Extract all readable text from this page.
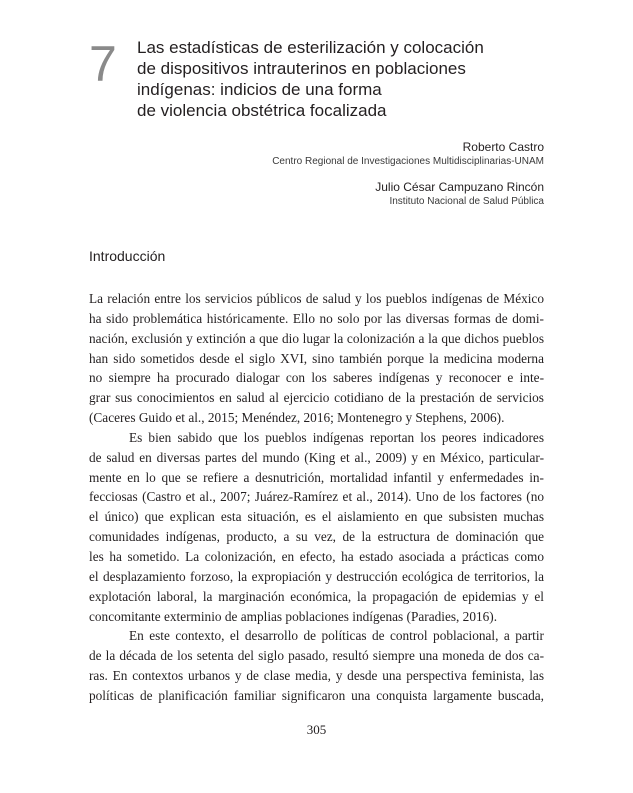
7 Las estadísticas de esterilización y colocación
de dispositivos intrauterinos en poblaciones
indígenas: indicios de una forma
de violencia obstétrica focalizada
Roberto Castro
Centro Regional de Investigaciones Multidisciplinarias-UNAM
Julio César Campuzano Rincón
Instituto Nacional de Salud Pública
Introducción

La relación entre los servicios públicos de salud y los pueblos indígenas de México
ha sido problemática históricamente. Ello no solo por las diversas formas de domi-
nación, exclusión y extinción a que dio lugar la colonización a la que dichos pueblos
han sido sometidos desde el siglo XVI, sino también porque la medicina moderna
no siempre ha procurado dialogar con los saberes indígenas y reconocer e inte-
grar sus conocimientos en salud al ejercicio cotidiano de la prestación de servicios
(Caceres Guido et al., 2015; Menéndez, 2016; Montenegro y Stephens, 2006).

Es bien sabido que los pueblos indígenas reportan los peores indicadores
de salud en diversas partes del mundo (King et al., 2009) y en México, particular-
mente en lo que se refiere a desnutrición, mortalidad infantil y enfermedades in-
fecciosas (Castro et al., 2007; Juárez-Ramírez et al., 2014). Uno de los factores (no
el único) que explican esta situación, es el aislamiento en que subsisten muchas
comunidades indígenas, producto, a su vez, de la estructura de dominación que
les ha sometido. La colonización, en efecto, ha estado asociada a prácticas como
el desplazamiento forzoso, la expropiación y destrucción ecológica de territorios, la
explotación laboral, la marginación económica, la propagación de epidemias y el
concomitante exterminio de amplias poblaciones indígenas (Paradies, 2016).

En este contexto, el desarrollo de políticas de control poblacional, a partir
de la década de los setenta del siglo pasado, resultó siempre una moneda de dos ca-
ras. En contextos urbanos y de clase media, y desde una perspectiva feminista, las
políticas de planificación familiar significaron una conquista largamente buscada,

305
